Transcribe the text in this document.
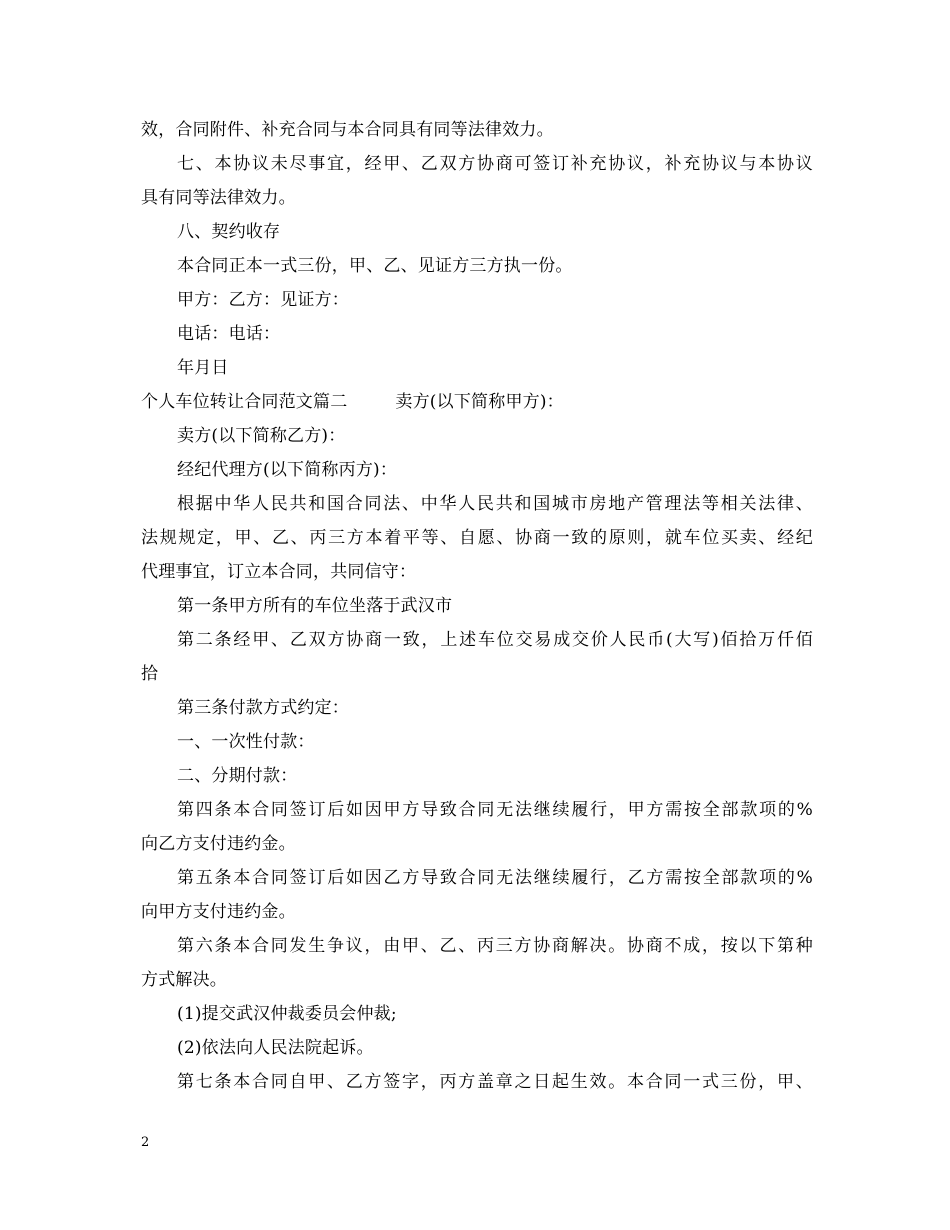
效，合同附件、补充合同与本合同具有同等法律效力。
七、本协议未尽事宜，经甲、乙双方协商可签订补充协议，补充协议与本协议
具有同等法律效力。
八、契约收存
本合同正本一式三份，甲、乙、见证方三方执一份。
甲方：乙方：见证方：
电话：电话：
年月日
个人车位转让合同范文篇二	卖方(以下简称甲方)：
卖方(以下简称乙方)：
经纪代理方(以下简称丙方)：
根据中华人民共和国合同法、中华人民共和国城市房地产管理法等相关法律、
法规规定，甲、乙、丙三方本着平等、自愿、协商一致的原则，就车位买卖、经纪
代理事宜，订立本合同，共同信守：
第一条甲方所有的车位坐落于武汉市
第二条经甲、乙双方协商一致，上述车位交易成交价人民币(大写)佰拾万仟佰
拾
第三条付款方式约定：
一、一次性付款：
二、分期付款：
第四条本合同签订后如因甲方导致合同无法继续履行，甲方需按全部款项的%
向乙方支付违约金。
第五条本合同签订后如因乙方导致合同无法继续履行，乙方需按全部款项的%
向甲方支付违约金。
第六条本合同发生争议，由甲、乙、丙三方协商解决。协商不成，按以下第种
方式解决。
(1)提交武汉仲裁委员会仲裁;
(2)依法向人民法院起诉。
第七条本合同自甲、乙方签字，丙方盖章之日起生效。本合同一式三份，甲、
2
